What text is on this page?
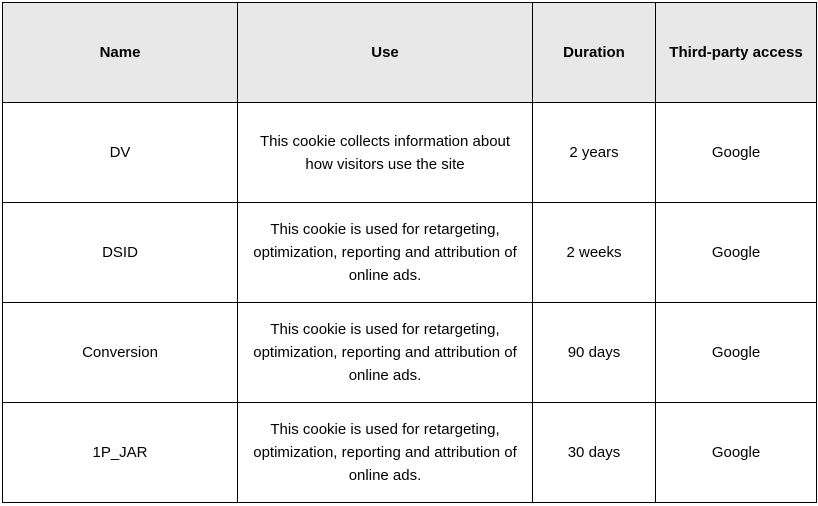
Name	Use	Duration	Third-party access
DV	This cookie collects information about how visitors use the site	2 years	Google
DSID	This cookie is used for retargeting, optimization, reporting and attribution of online ads.	2 weeks	Google
Conversion	This cookie is used for retargeting, optimization, reporting and attribution of online ads.	90 days	Google
1P_JAR	This cookie is used for retargeting, optimization, reporting and attribution of online ads.	30 days	Google
